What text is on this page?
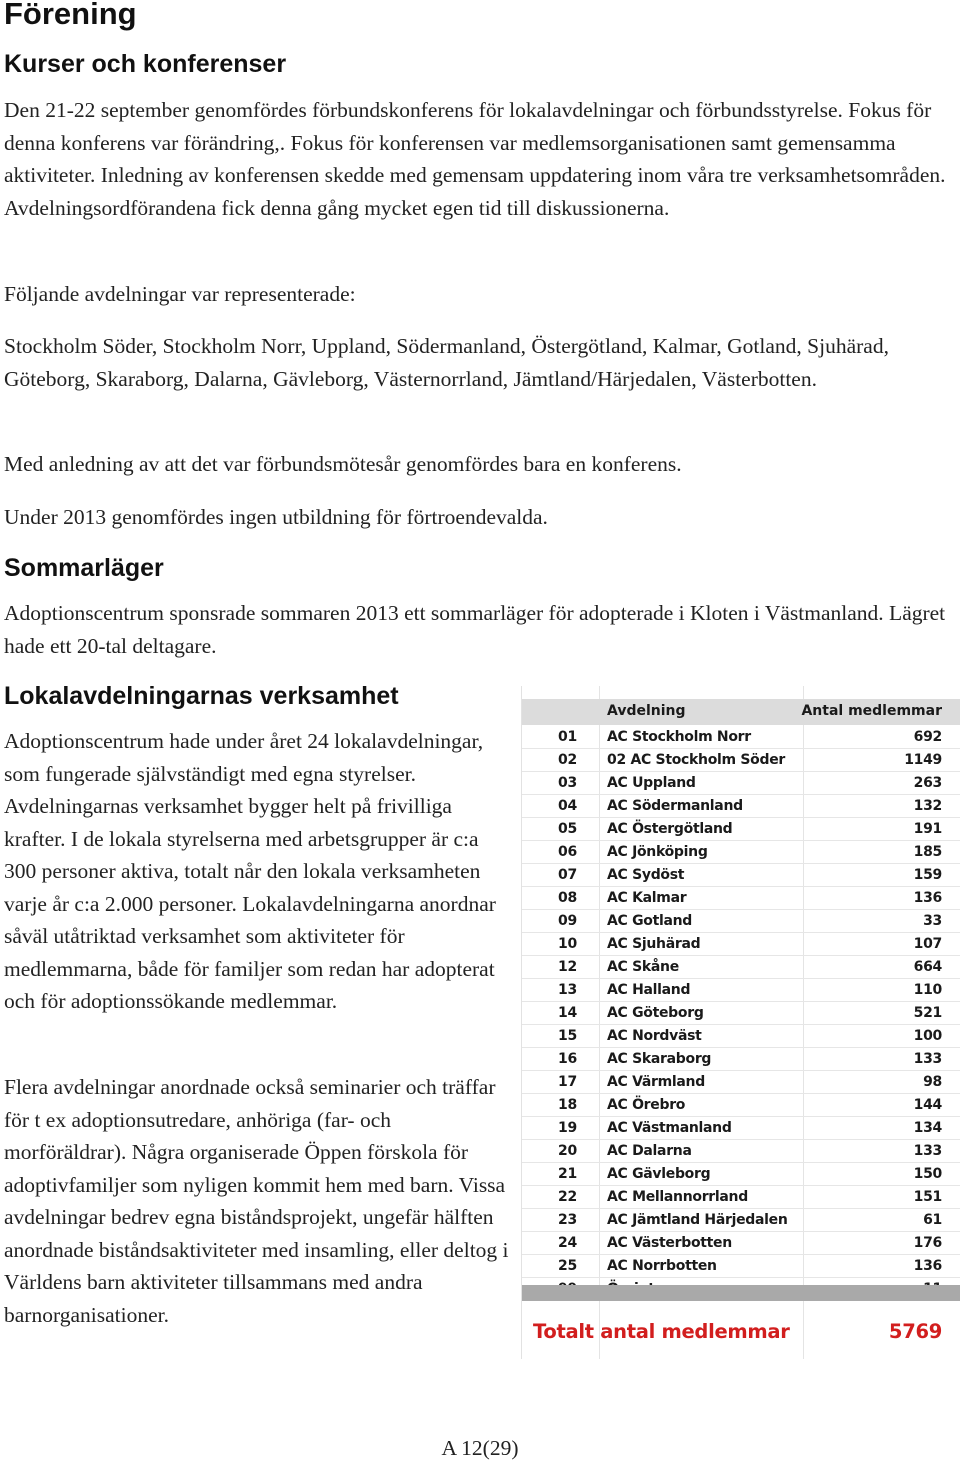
Förening
Kurser och konferenser

Den 21-22 september genomfördes förbundskonferens för lokalavdelningar och förbundsstyrelse. Fokus för denna konferens var förändring,. Fokus för konferensen var medlemsorganisationen samt gemensamma aktiviteter. Inledning av konferensen skedde med gemensam uppdatering inom våra tre verksamhetsområden. Avdelningsordförandena fick denna gång mycket egen tid till diskussionerna.

Följande avdelningar var representerade:

Stockholm Söder, Stockholm Norr, Uppland, Södermanland, Östergötland, Kalmar, Gotland, Sjuhärad, Göteborg, Skaraborg, Dalarna, Gävleborg, Västernorrland, Jämtland/Härjedalen, Västerbotten.

Med anledning av att det var förbundsmötesår genomfördes bara en konferens.

Under 2013 genomfördes ingen utbildning för förtroendevalda.

Sommarläger

Adoptionscentrum sponsrade sommaren 2013 ett sommarläger för adopterade i Kloten i Västmanland. Lägret hade ett 20-tal deltagare.

Lokalavdelningarnas verksamhet

Adoptionscentrum hade under året 24 lokalavdelningar, som fungerade självständigt med egna styrelser. Avdelningarnas verksamhet bygger helt på frivilliga krafter. I de lokala styrelserna med arbetsgrupper är c:a 300 personer aktiva, totalt når den lokala verksamheten varje år c:a 2.000 personer. Lokalavdelningarna anordnar såväl utåtriktad verksamhet som aktiviteter för medlemmarna, både för familjer som redan har adopterat och för adoptionssökande medlemmar.

Flera avdelningar anordnade också seminarier och träffar för t ex adoptionsutredare, anhöriga (far- och morföräldrar). Några organiserade Öppen förskola för adoptivfamiljer som nyligen kommit hem med barn. Vissa avdelningar bedrev egna biståndsprojekt, ungefär hälften anordnade biståndsaktiviteter med insamling, eller deltog i Världens barn aktiviteter tillsammans med andra barnorganisationer.

Avdelning	Antal medlemmar
01 AC Stockholm Norr	692
02 02 AC Stockholm Söder	1149
03 AC Uppland	263
04 AC Södermanland	132
05 AC Östergötland	191
06 AC Jönköping	185
07 AC Sydöst	159
08 AC Kalmar	136
09 AC Gotland	33
10 AC Sjuhärad	107
12 AC Skåne	664
13 AC Halland	110
14 AC Göteborg	521
15 AC Nordväst	100
16 AC Skaraborg	133
17 AC Värmland	98
18 AC Örebro	144
19 AC Västmanland	134
20 AC Dalarna	133
21 AC Gävleborg	150
22 AC Mellannorrland	151
23 AC Jämtland Härjedalen	61
24 AC Västerbotten	176
25 AC Norrbotten	136
Totalt antal medlemmar	5769
A 12(29)
